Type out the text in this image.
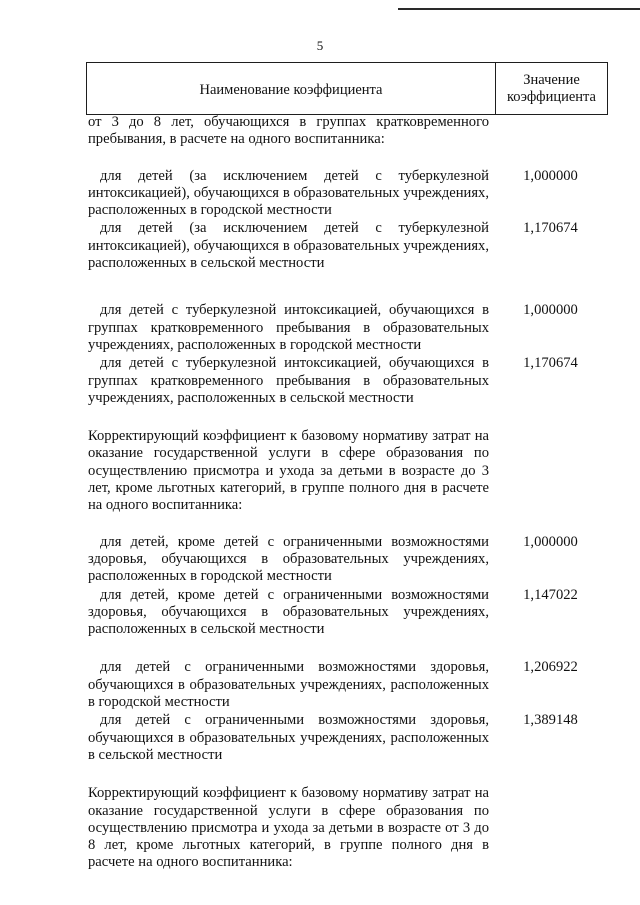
5
Наименование коэффициента
Значение
коэффициента
от 3 до 8 лет, обучающихся в группах кратковременного пребывания, в расчете на одного воспитанника:
для детей (за исключением детей с туберкулезной интоксикацией), обучающихся в образовательных учреждениях, расположенных в городской местности
1,000000
для детей (за исключением детей с туберкулезной интоксикацией), обучающихся в образовательных учреждениях, расположенных в сельской местности
1,170674
для детей с туберкулезной интоксикацией, обучающихся в группах кратковременного пребывания в образовательных учреждениях, расположенных в городской местности
1,000000
для детей с туберкулезной интоксикацией, обучающихся в группах кратковременного пребывания в образовательных учреждениях, расположенных в сельской местности
1,170674
Корректирующий коэффициент к базовому нормативу затрат на оказание государственной услуги в сфере образования по осуществлению присмотра и ухода за детьми в возрасте до 3 лет, кроме льготных категорий, в группе полного дня в расчете на одного воспитанника:
для детей, кроме детей с ограниченными возможностями здоровья, обучающихся в образовательных учреждениях, расположенных в городской местности
1,000000
для детей, кроме детей с ограниченными возможностями здоровья, обучающихся в образовательных учреждениях, расположенных в сельской местности
1,147022
для детей с ограниченными возможностями здоровья, обучающихся в образовательных учреждениях, расположенных в городской местности
1,206922
для детей с ограниченными возможностями здоровья, обучающихся в образовательных учреждениях, расположенных в сельской местности
1,389148
Корректирующий коэффициент к базовому нормативу затрат на оказание государственной услуги в сфере образования по осуществлению присмотра и ухода за детьми в возрасте от 3 до 8 лет, кроме льготных категорий, в группе полного дня в расчете на одного воспитанника:
